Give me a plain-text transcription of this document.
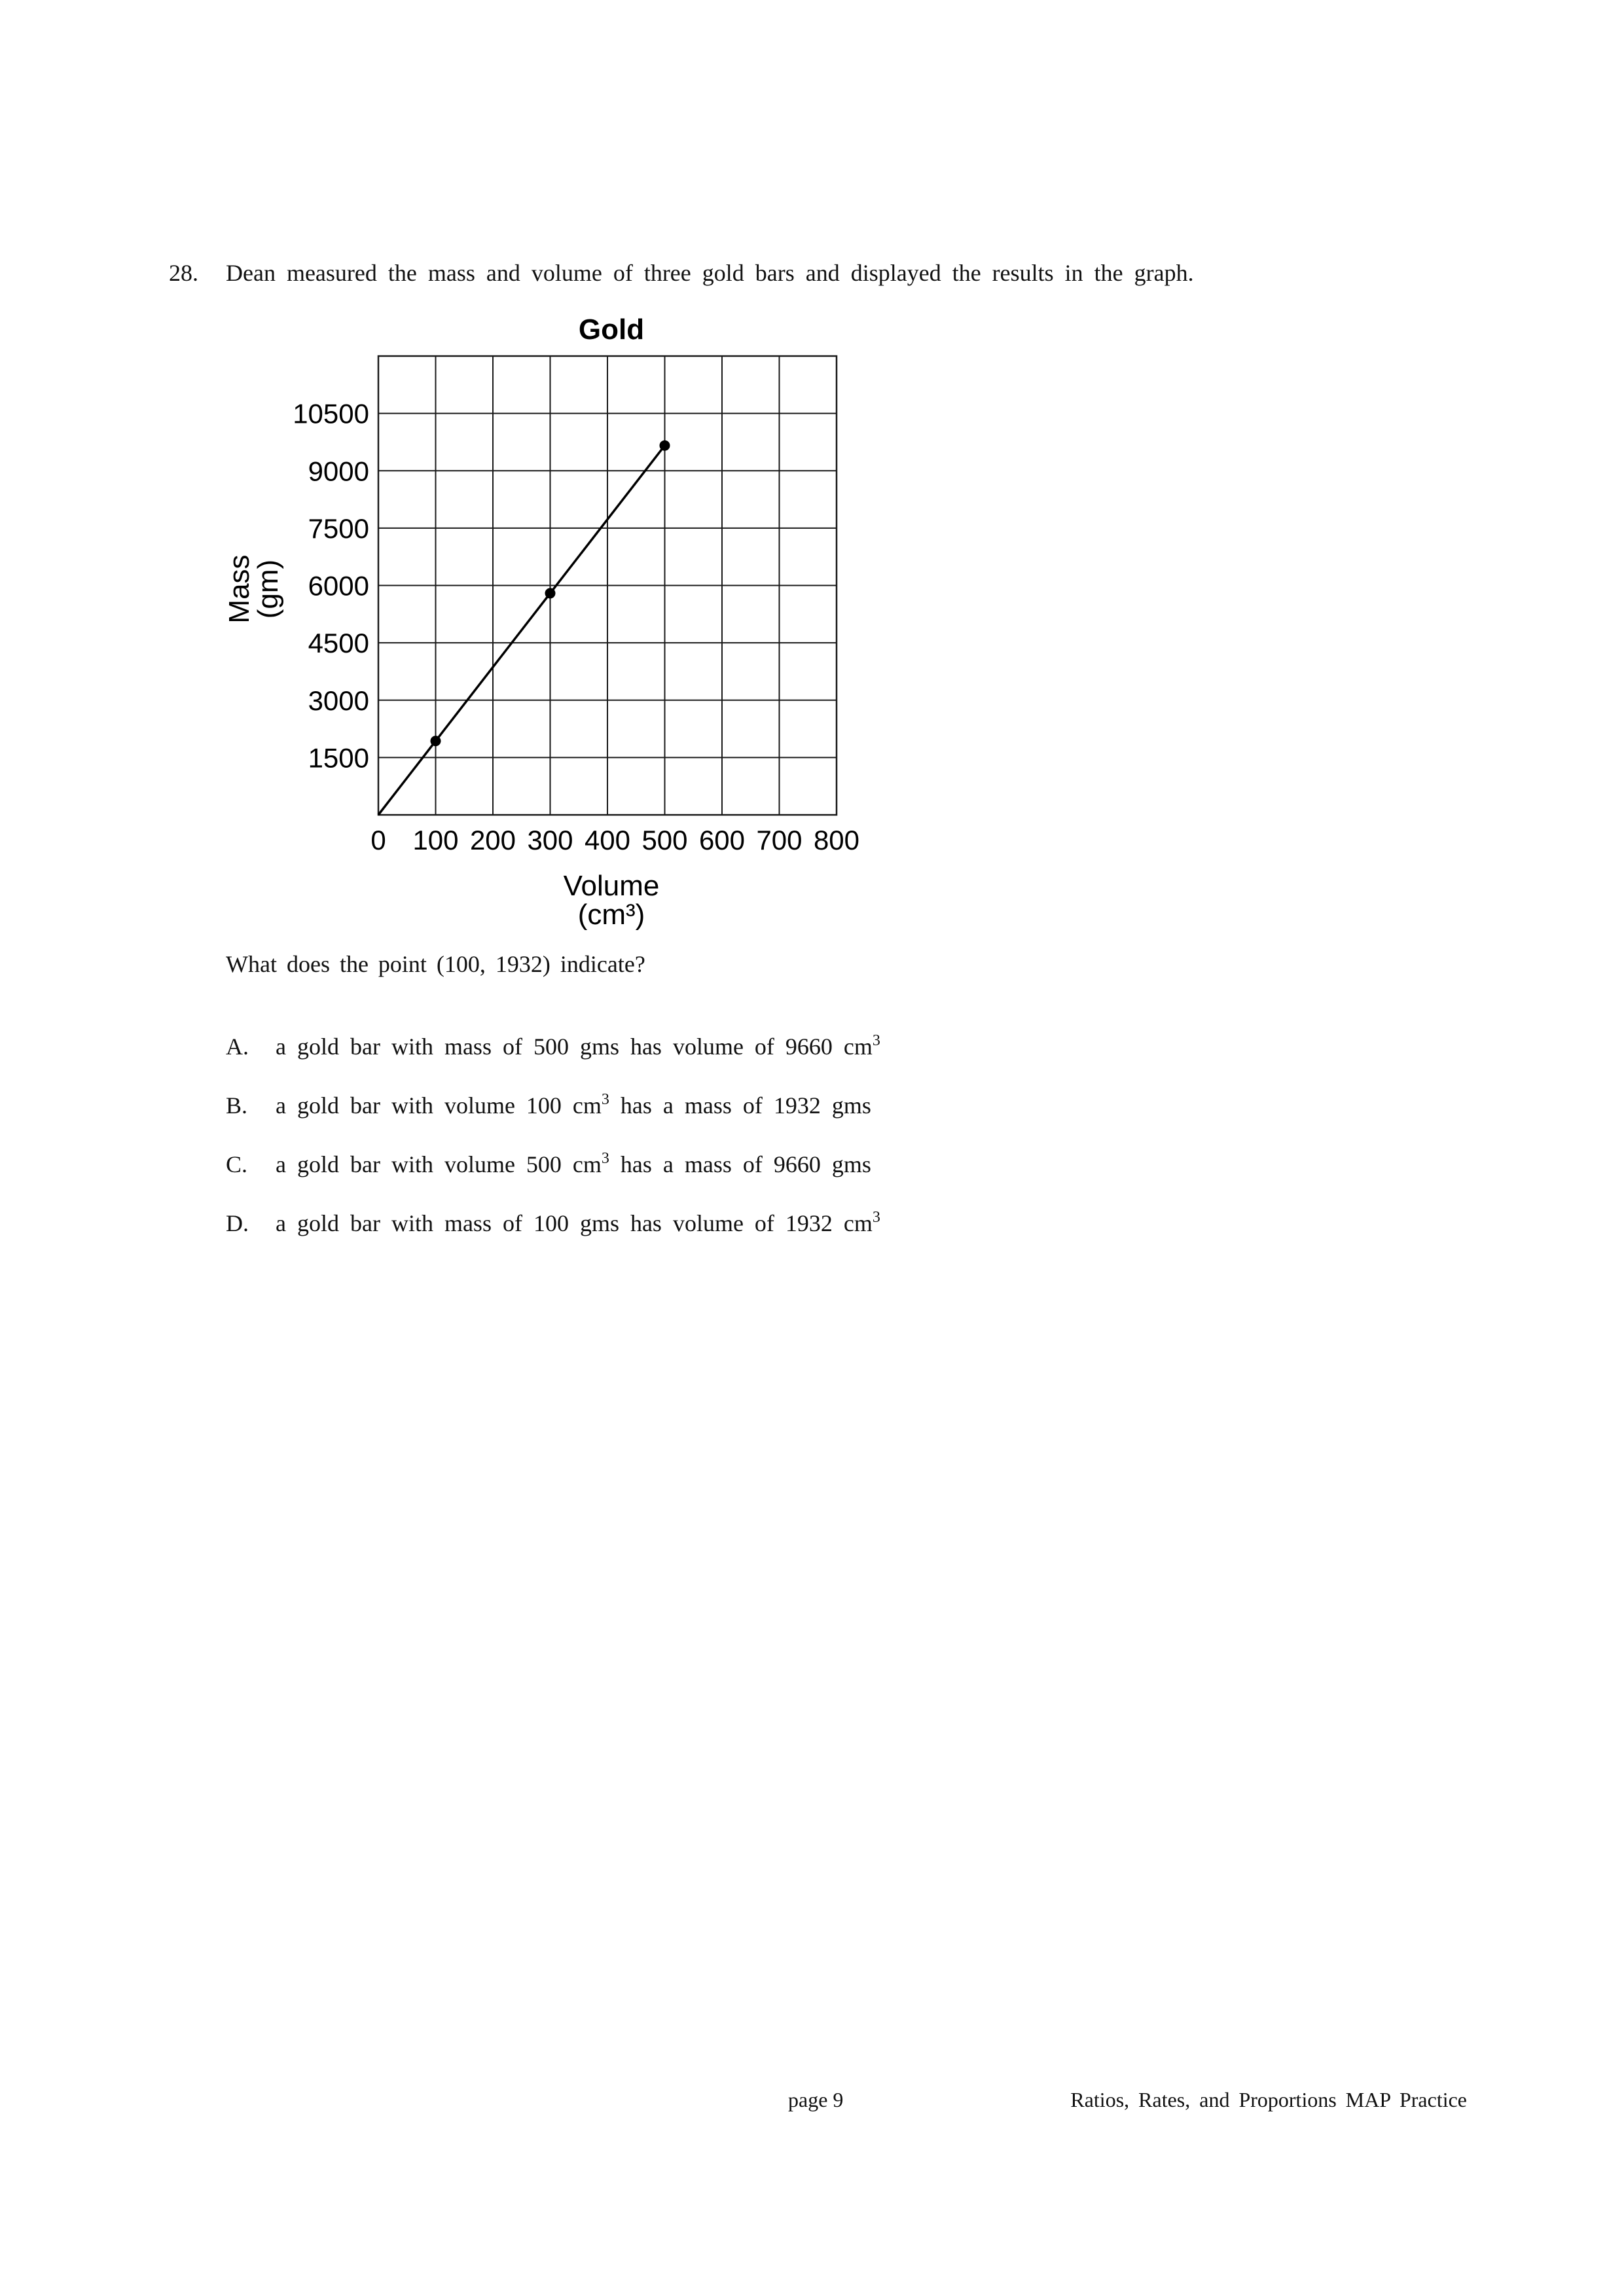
28. Dean measured the mass and volume of three gold bars and displayed the results in the graph.
Gold
1500
3000
4500
6000
7500
9000
10500
0 100 200 300 400 500 600 700 800
Mass
(gm)
Volume
(cm³)
What does the point (100, 1932) indicate?
A. a gold bar with mass of 500 gms has volume of 9660 $cm^3$
B. a gold bar with volume 100 $cm^3$ has a mass of 1932 gms
C. a gold bar with volume 500 $cm^3$ has a mass of 9660 gms
D. a gold bar with mass of 100 gms has volume of 1932 $cm^3$
page 9	Ratios, Rates, and Proportions MAP Practice
